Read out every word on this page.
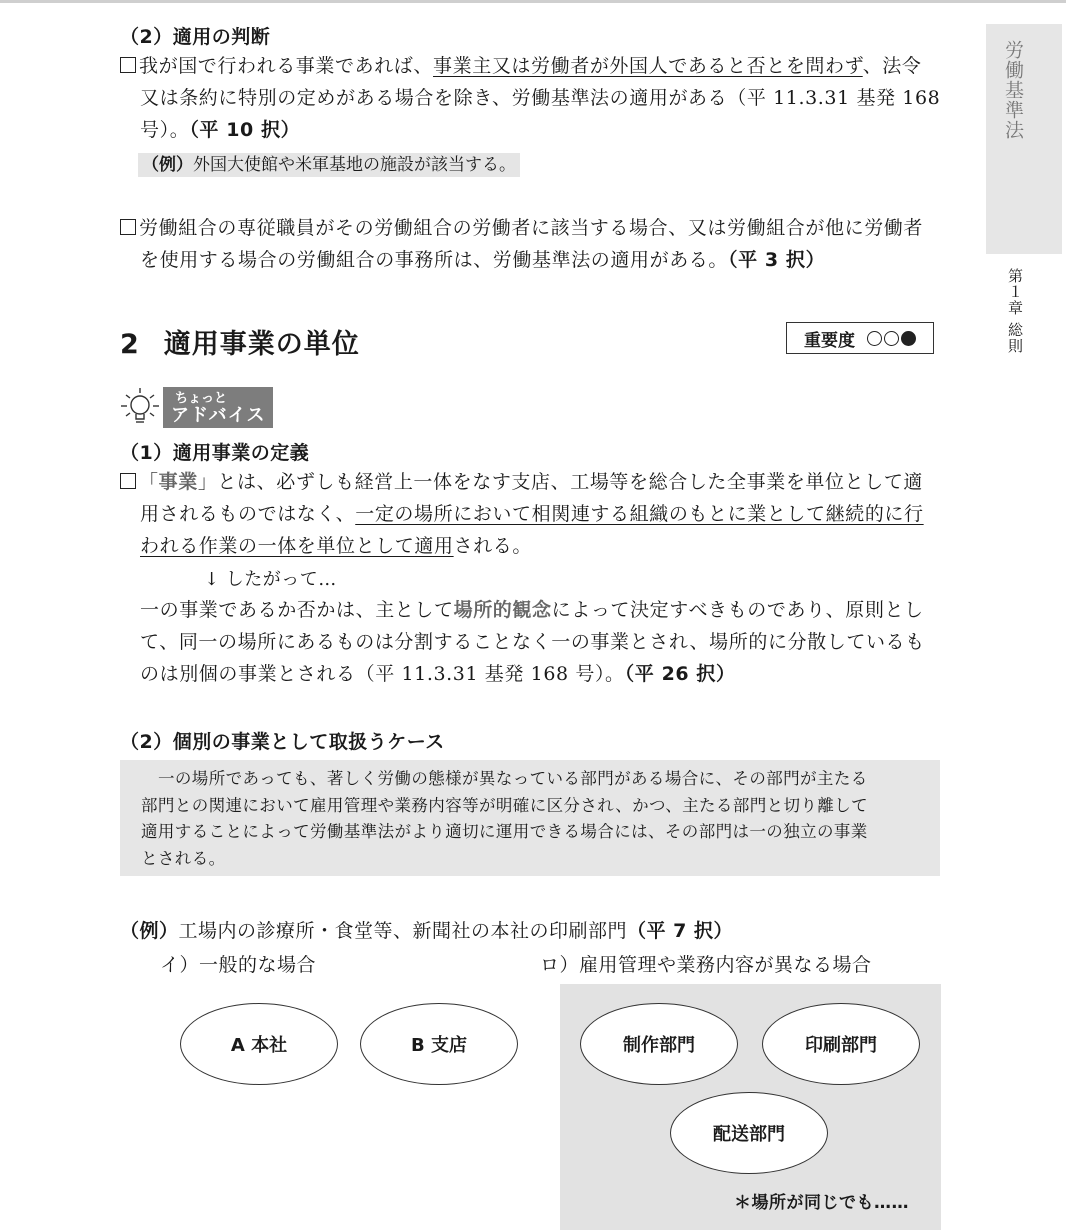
労働基準法
第１章 総則
（2）適用の判断
我が国で行われる事業であれば、事業主又は労働者が外国人であると否とを問わず、法令
又は条約に特別の定めがある場合を除き、労働基準法の適用がある（平 11.3.31 基発 168
号）。（平 10 択）
（例）外国大使館や米軍基地の施設が該当する。
労働組合の専従職員がその労働組合の労働者に該当する場合、又は労働組合が他に労働者
を使用する場合の労働組合の事務所は、労働基準法の適用がある。（平 3 択）
2 適用事業の単位	重要度
ちょっと
アドバイス
（1）適用事業の定義
「事業」とは、必ずしも経営上一体をなす支店、工場等を総合した全事業を単位として適
用されるものではなく、一定の場所において相関連する組織のもとに業として継続的に行
われる作業の一体を単位として適用される。
↓ したがって…
一の事業であるか否かは、主として場所的観念によって決定すべきものであり、原則とし
て、同一の場所にあるものは分割することなく一の事業とされ、場所的に分散しているも
のは別個の事業とされる（平 11.3.31 基発 168 号）。（平 26 択）
（2）個別の事業として取扱うケース
一の場所であっても、著しく労働の態様が異なっている部門がある場合に、その部門が主たる
部門との関連において雇用管理や業務内容等が明確に区分され、かつ、主たる部門と切り離して
適用することによって労働基準法がより適切に運用できる場合には、その部門は一の独立の事業
とされる。
（例）工場内の診療所・食堂等、新聞社の本社の印刷部門（平 7 択）
イ）一般的な場合	ロ）雇用管理や業務内容が異なる場合
A 本社	B 支店	制作部門	印刷部門
配送部門
＊場所が同じでも……
